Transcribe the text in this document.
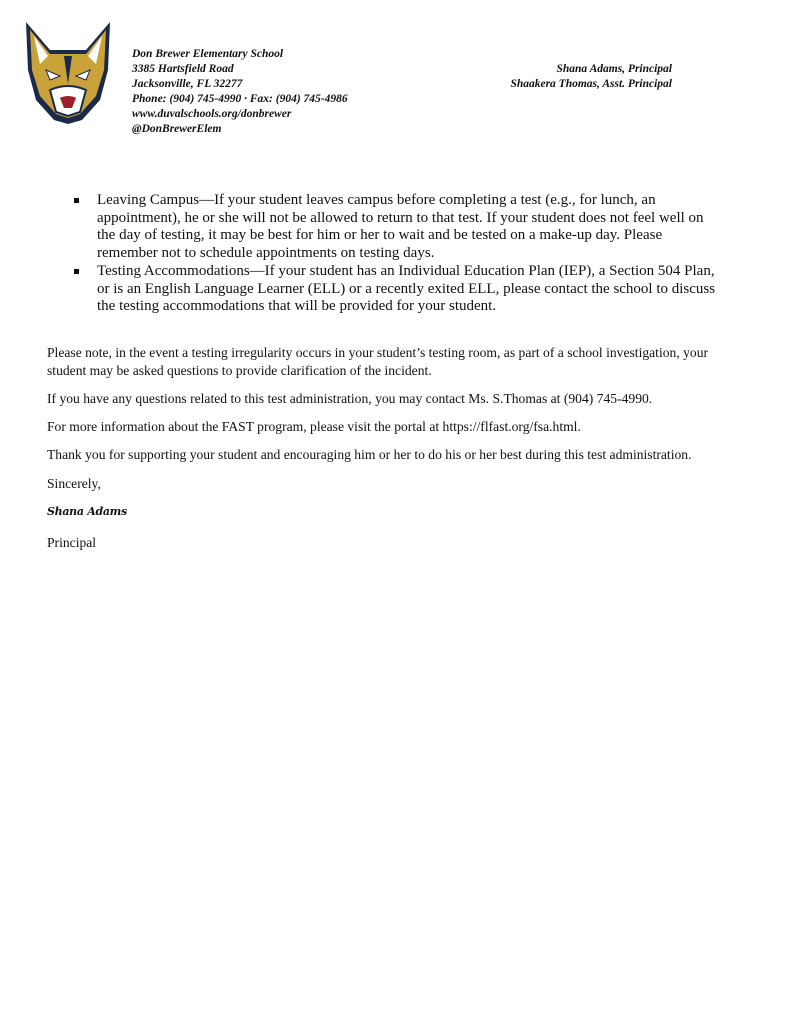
Don Brewer Elementary School
3385 Hartsfield Road
Jacksonville, FL 32277
Phone: (904) 745-4990 · Fax: (904) 745-4986
www.duvalschools.org/donbrewer
@DonBrewerElem
Shana Adams, Principal
Shaakera Thomas, Asst. Principal
Leaving Campus—If your student leaves campus before completing a test (e.g., for lunch, an
appointment), he or she will not be allowed to return to that test. If your student does not feel well on
the day of testing, it may be best for him or her to wait and be tested on a make-up day. Please
remember not to schedule appointments on testing days.
Testing Accommodations—If your student has an Individual Education Plan (IEP), a Section 504 Plan,
or is an English Language Learner (ELL) or a recently exited ELL, please contact the school to discuss
the testing accommodations that will be provided for your student.
Please note, in the event a testing irregularity occurs in your student’s testing room, as part of a school investigation, your
student may be asked questions to provide clarification of the incident.
If you have any questions related to this test administration, you may contact Ms. S.Thomas at (904) 745-4990.
For more information about the FAST program, please visit the portal at https://flfast.org/fsa.html.
Thank you for supporting your student and encouraging him or her to do his or her best during this test administration.
Sincerely,
Shana Adams
Principal
